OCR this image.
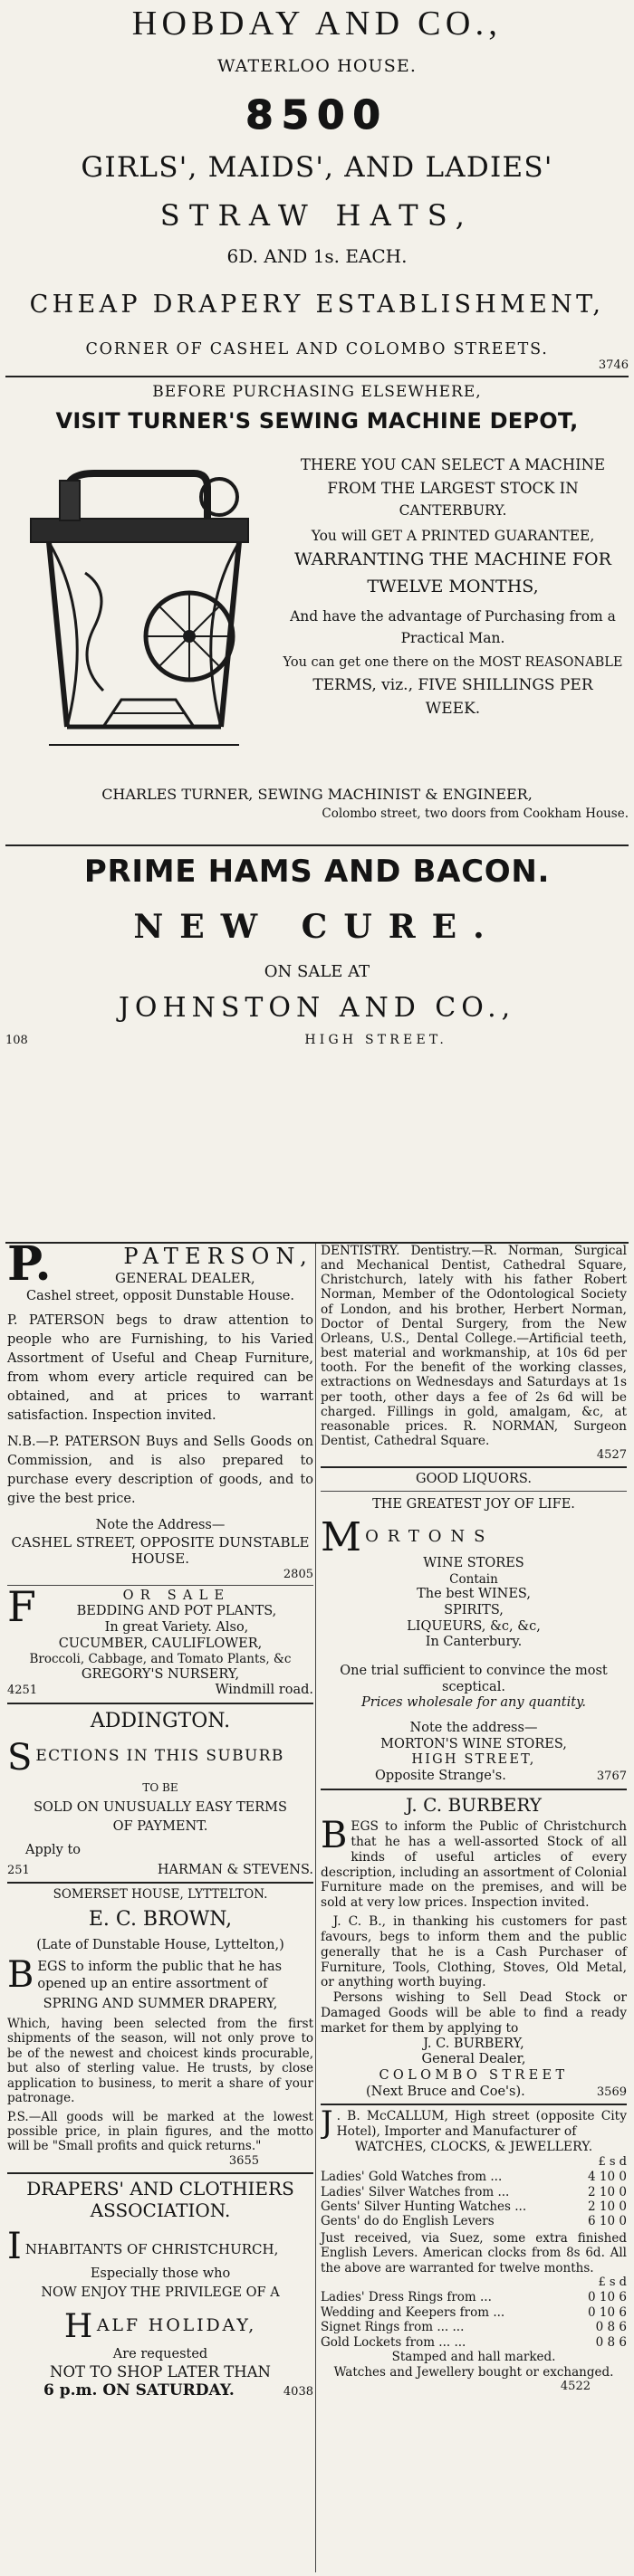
HOBDAY AND CO.,
WATERLOO HOUSE.
8500
GIRLS', MAIDS', AND LADIES'
STRAW HATS,
6D. AND 1s. EACH.
CHEAP DRAPERY ESTABLISHMENT,
CORNER OF CASHEL AND COLOMBO STREETS.
3746
BEFORE PURCHASING ELSEWHERE,
VISIT TURNER'S SEWING MACHINE DEPOT,
THERE YOU CAN SELECT A MACHINE
FROM THE LARGEST STOCK IN
CANTERBURY.
You will GET A PRINTED GUARANTEE,
WARRANTING THE MACHINE FOR
TWELVE MONTHS,
And have the advantage of Purchasing from a
Practical Man.
You can get one there on the MOST REASONABLE
TERMS, viz., FIVE SHILLINGS PER
WEEK.
CHARLES TURNER, SEWING MACHINIST & ENGINEER,
Colombo street, two doors from Cookham House.
PRIME HAMS AND BACON.
NEW CURE.
ON SALE AT
JOHNSTON AND CO.,
108	HIGH STREET.
P.	PATERSON,
GENERAL DEALER,
Cashel street, opposit Dunstable House.

P. PATERSON begs to draw attention to people who are Furnishing, to his Varied Assortment of Useful and Cheap Furniture, from whom every article required can be obtained, and at prices to warrant satisfaction. Inspection invited.

N.B.—P. PATERSON Buys and Sells Goods on Commission, and is also prepared to purchase every description of goods, and to give the best price.

Note the Address—
CASHEL STREET, OPPOSITE DUNSTABLE HOUSE.
2805
F	OR SALE
BEDDING AND POT PLANTS,
In great Variety. Also,
CUCUMBER, CAULIFLOWER,
Broccoli, Cabbage, and Tomato Plants, &c
GREGORY'S NURSERY,
4251	Windmill road.
ADDINGTON.
S ECTIONS IN THIS SUBURB
TO BE
SOLD ON UNUSUALLY EASY TERMS
OF PAYMENT.
Apply to
251	HARMAN & STEVENS.
SOMERSET HOUSE, LYTTELTON.
E. C. BROWN,
(Late of Dunstable House, Lyttelton,)
B EGS to inform the public that he has opened up an entire assortment of

SPRING AND SUMMER DRAPERY,

Which, having been selected from the first shipments of the season, will not only prove to be of the newest and choicest kinds procurable, but also of sterling value. He trusts, by close application to business, to merit a share of your patronage.

P.S.—All goods will be marked at the lowest possible price, in plain figures, and the motto will be "Small profits and quick returns."

3655
DRAPERS' AND CLOTHIERS ASSOCIATION.
I NHABITANTS OF CHRISTCHURCH,
Especially those who
NOW ENJOY THE PRIVILEGE OF A
H ALF HOLIDAY,
Are requested
NOT TO SHOP LATER THAN
6 p.m. ON SATURDAY.	4038

DENTISTRY. Dentistry.—R. Norman, Surgical and Mechanical Dentist, Cathedral Square, Christchurch, lately with his father Robert Norman, Member of the Odontological Society of London, and his brother, Herbert Norman, Doctor of Dental Surgery, from the New Orleans, U.S., Dental College.—Artificial teeth, best material and workmanship, at 10s 6d per tooth. For the benefit of the working classes, extractions on Wednesdays and Saturdays at 1s per tooth, other days a fee of 2s 6d will be charged. Fillings in gold, amalgam, &c, at reasonable prices. R. NORMAN, Surgeon Dentist, Cathedral Square.

4527
GOOD LIQUORS.
THE GREATEST JOY OF LIFE.
M ORTONS
WINE STORES
Contain
The best WINES,
SPIRITS,
LIQUEURS, &c, &c,
In Canterbury.

One trial sufficient to convince the most sceptical.

Prices wholesale for any quantity.
Note the address—
MORTON'S WINE STORES,
HIGH STREET,
Opposite Strange's.	3767
J. C. BURBERY
B EGS to inform the Public of Christchurch that he has a well-assorted Stock of all kinds of useful articles of every description, including an assortment of Colonial Furniture made on the premises, and will be sold at very low prices. Inspection invited.

J. C. B., in thanking his customers for past favours, begs to inform them and the public generally that he is a Cash Purchaser of Furniture, Tools, Clothing, Stoves, Old Metal, or anything worth buying.

Persons wishing to Sell Dead Stock or Damaged Goods will be able to find a ready market for them by applying to

J. C. BURBERY,
General Dealer,
COLOMBO STREET
(Next Bruce and Coe's).	3569
J . B. McCALLUM, High street (opposite City Hotel), Importer and Manufacturer of

WATCHES, CLOCKS, & JEWELLERY.
£ s d
Ladies' Gold Watches from ...	4 10 0
Ladies' Silver Watches from ...	2 10 0
Gents' Silver Hunting Watches ...	2 10 0
Gents' do do English Levers	6 10 0

Just received, via Suez, some extra finished English Levers. American clocks from 8s 6d. All the above are warranted for twelve months.

£ s d
Ladies' Dress Rings from ...	0 10 6
Wedding and Keepers from ...	0 10 6
Signet Rings from ... ...	0 8 6
Gold Lockets from ... ...	0 8 6
Stamped and hall marked.
Watches and Jewellery bought or exchanged.
4522
